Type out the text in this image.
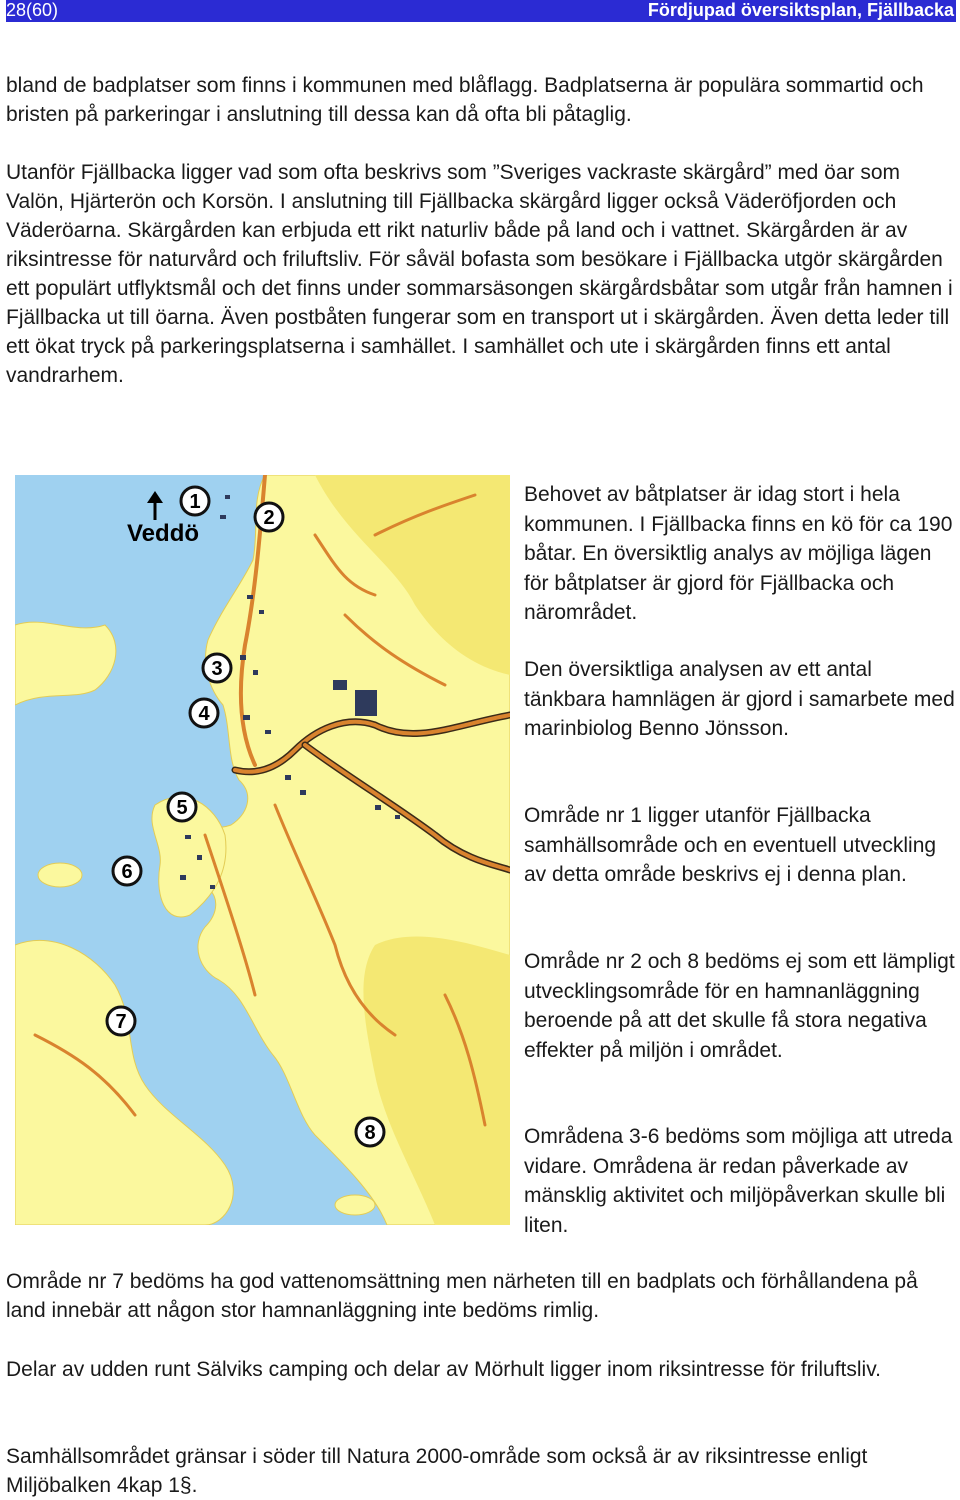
28(60)	Fördjupad översiktsplan, Fjällbacka

bland de badplatser som finns i kommunen med blåflagg. Badplatserna är populära sommartid och bristen på parkeringar i anslutning till dessa kan då ofta bli påtaglig.

Utanför Fjällbacka ligger vad som ofta beskrivs som ”Sveriges vackraste skärgård” med öar som Valön, Hjärterön och Korsön. I anslutning till Fjällbacka skärgård ligger också Väderöfjorden och Väderöarna. Skärgården kan erbjuda ett rikt naturliv både på land och i vattnet. Skärgården är av riksintresse för naturvård och friluftsliv. För såväl bofasta som besökare i Fjällbacka utgör skärgården ett populärt utflyktsmål och det finns under sommarsäsongen skärgårdsbåtar som utgår från hamnen i Fjällbacka ut till öarna. Även postbåten fungerar som en transport ut i skärgården. Även detta leder till ett ökat tryck på parkeringsplatserna i samhället. I samhället och ute i skärgården finns ett antal vandrarhem.

Veddö
1
2
3
4
5
6
7
8

Behovet av båtplatser är idag stort i hela kommunen. I Fjällbacka finns en kö för ca 190 båtar. En översiktlig analys av möjliga lägen för båtplatser är gjord för Fjällbacka och närområdet.

Den översiktliga analysen av ett antal tänkbara hamnlägen är gjord i samarbete med marinbiolog Benno Jönsson.

Område nr 1 ligger utanför Fjällbacka samhällsområde och en eventuell utveckling av detta område beskrivs ej i denna plan.

Område nr 2 och 8 bedöms ej som ett lämpligt utvecklingsområde för en hamnanläggning beroende på att det skulle få stora negativa effekter på miljön i området.

Områdena 3-6 bedöms som möjliga att utreda vidare. Områdena är redan påverkade av mänsklig aktivitet och miljöpåverkan skulle bli liten.

Område nr 7 bedöms ha god vattenomsättning men närheten till en badplats och förhållandena på land innebär att någon stor hamnanläggning inte bedöms rimlig.

Delar av udden runt Sälviks camping och delar av Mörhult ligger inom riksintresse för friluftsliv.

Samhällsområdet gränsar i söder till Natura 2000-område som också är av riksintresse enligt Miljöbalken 4kap 1§.
